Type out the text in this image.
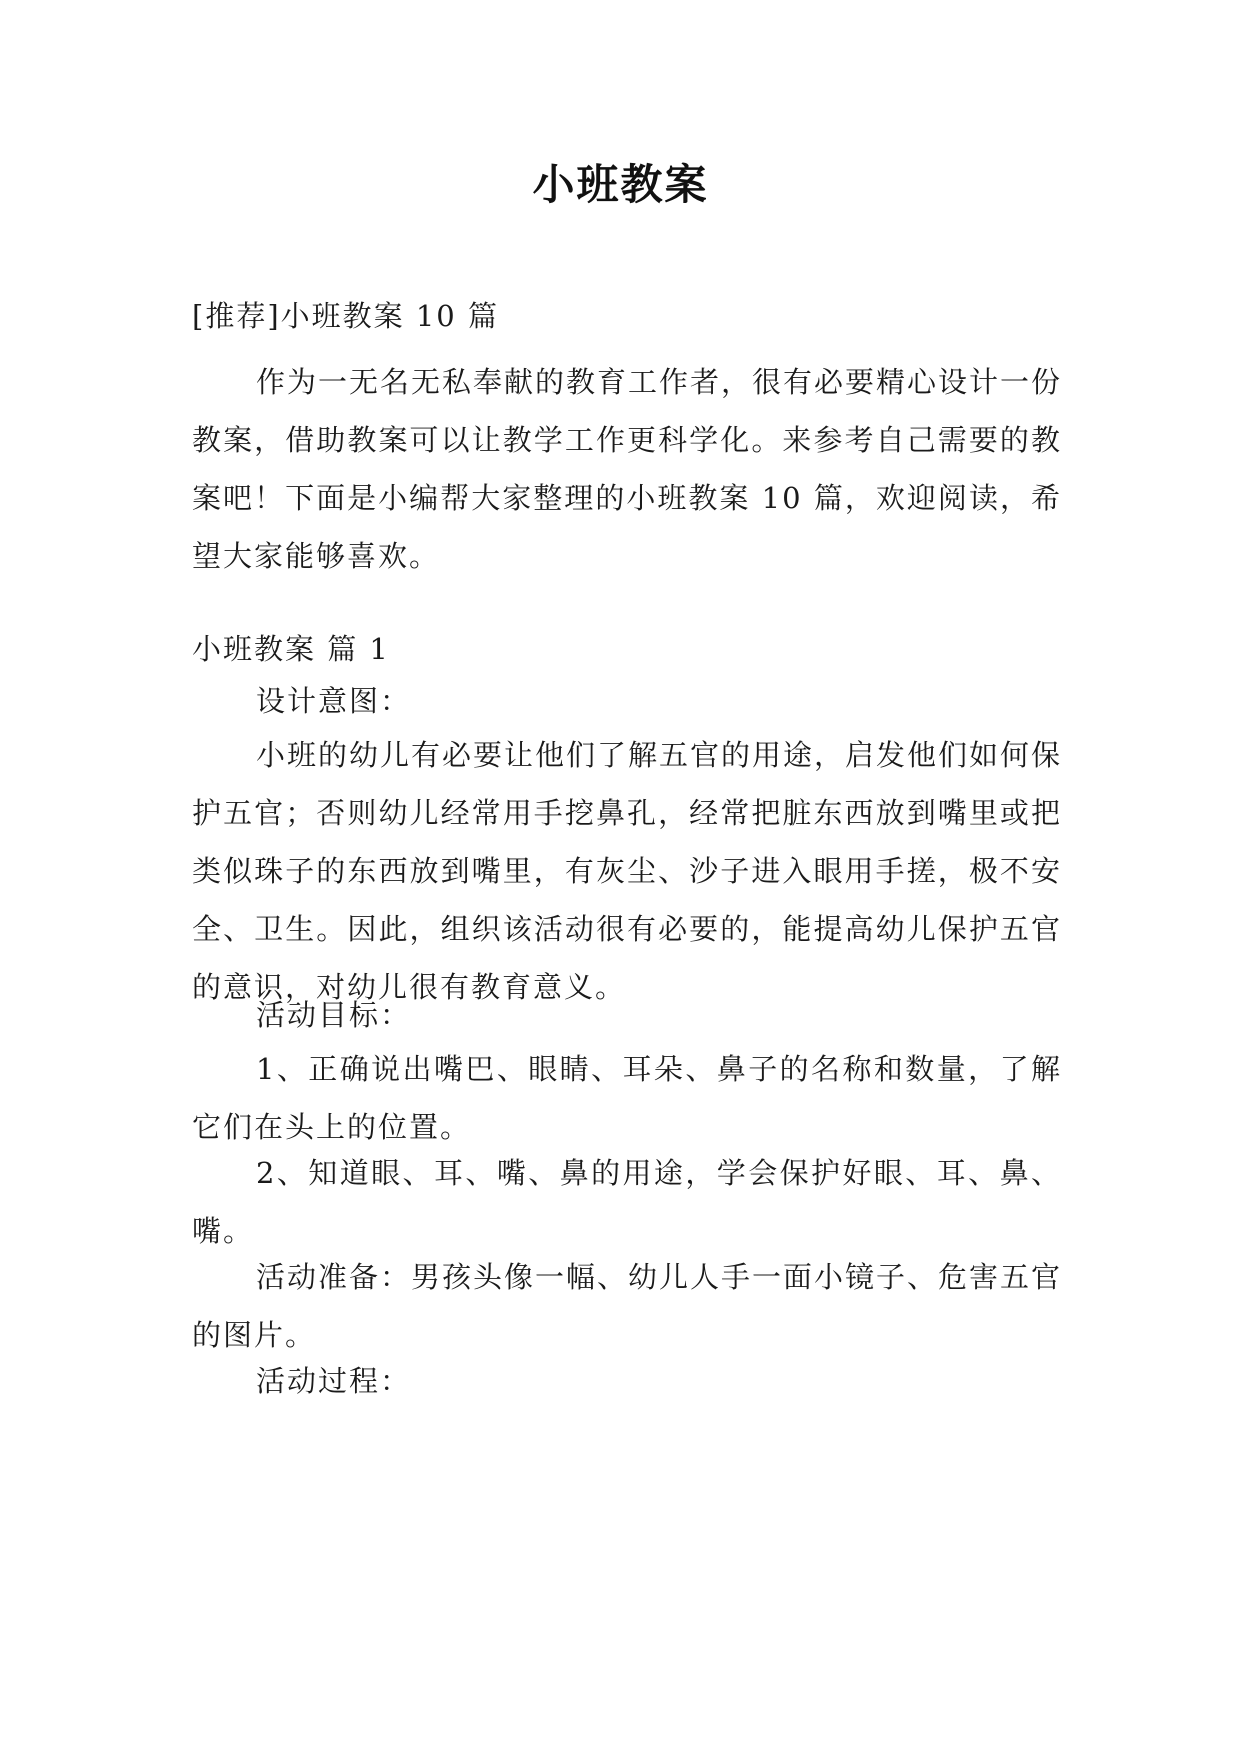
小班教案
[推荐]小班教案 10 篇
作为一无名无私奉献的教育工作者，很有必要精心设计一份教案，借助教案可以让教学工作更科学化。来参考自己需要的教案吧！下面是小编帮大家整理的小班教案 10 篇，欢迎阅读，希望大家能够喜欢。
小班教案 篇 1
设计意图：
小班的幼儿有必要让他们了解五官的用途，启发他们如何保护五官；否则幼儿经常用手挖鼻孔，经常把脏东西放到嘴里或把类似珠子的东西放到嘴里，有灰尘、沙子进入眼用手搓，极不安全、卫生。因此，组织该活动很有必要的，能提高幼儿保护五官的意识，对幼儿很有教育意义。
活动目标：
1、正确说出嘴巴、眼睛、耳朵、鼻子的名称和数量，了解它们在头上的位置。
2、知道眼、耳、嘴、鼻的用途，学会保护好眼、耳、鼻、嘴。
活动准备：男孩头像一幅、幼儿人手一面小镜子、危害五官的图片。
活动过程：
